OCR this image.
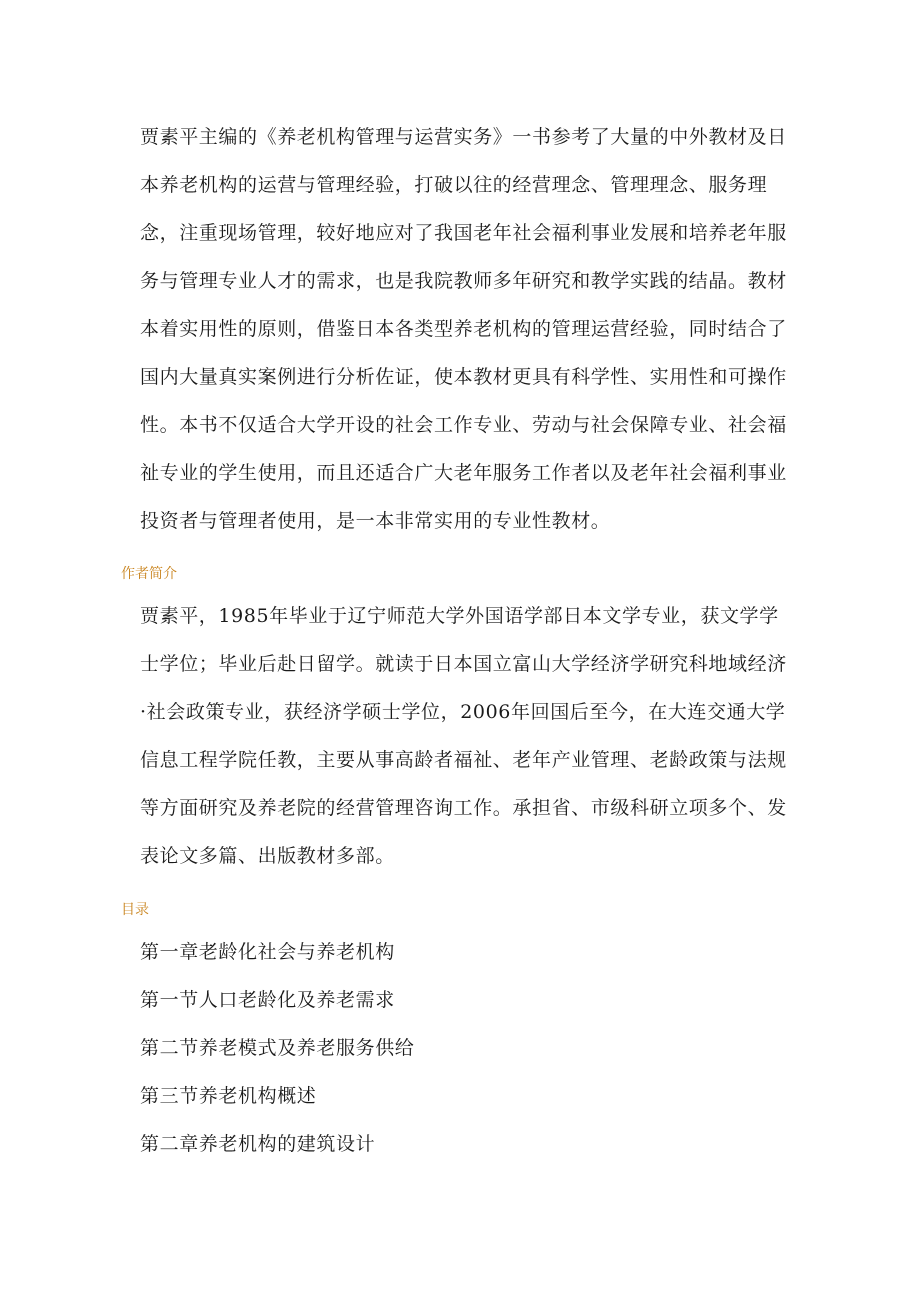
贾素平主编的《养老机构管理与运营实务》一书参考了大量的中外教材及日本养老机构的运营与管理经验，打破以往的经营理念、管理理念、服务理念，注重现场管理，较好地应对了我国老年社会福利事业发展和培养老年服务与管理专业人才的需求，也是我院教师多年研究和教学实践的结晶。教材本着实用性的原则，借鉴日本各类型养老机构的管理运营经验，同时结合了国内大量真实案例进行分析佐证，使本教材更具有科学性、实用性和可操作性。本书不仅适合大学开设的社会工作专业、劳动与社会保障专业、社会福祉专业的学生使用，而且还适合广大老年服务工作者以及老年社会福利事业投资者与管理者使用，是一本非常实用的专业性教材。

作者简介

贾素平，1985年毕业于辽宁师范大学外国语学部日本文学专业，获文学学士学位；毕业后赴日留学。就读于日本国立富山大学经济学研究科地域经济·社会政策专业，获经济学硕士学位，2006年回国后至今，在大连交通大学信息工程学院任教，主要从事高龄者福祉、老年产业管理、老龄政策与法规等方面研究及养老院的经营管理咨询工作。承担省、市级科研立项多个、发表论文多篇、出版教材多部。

目录
第一章老龄化社会与养老机构
第一节人口老龄化及养老需求
第二节养老模式及养老服务供给
第三节养老机构概述
第二章养老机构的建筑设计
